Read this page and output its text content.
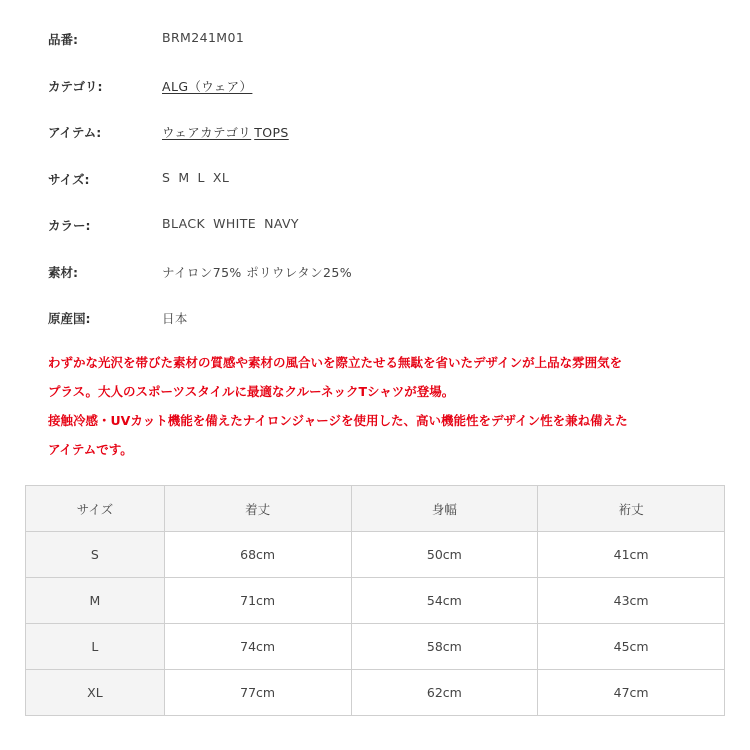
品番:	BRM241M01
カテゴリ:	ALG（ウェア）
アイテム:	ウェアカテゴリ TOPS
サイズ:	S M L XL
カラー:	BLACK WHITE NAVY
素材:	ナイロン75% ポリウレタン25%
原産国:	日本

わずかな光沢を帯びた素材の質感や素材の風合いを際立たせる無駄を省いたデザインが上品な雰囲気を

プラス。大人のスポーツスタイルに最適なクルーネックTシャツが登場。

接触冷感・UVカット機能を備えたナイロンジャージを使用した、高い機能性をデザイン性を兼ね備えた

アイテムです。

サイズ	着丈	身幅	裄丈
S	68cm	50cm	41cm
M	71cm	54cm	43cm
L	74cm	58cm	45cm
XL	77cm	62cm	47cm
